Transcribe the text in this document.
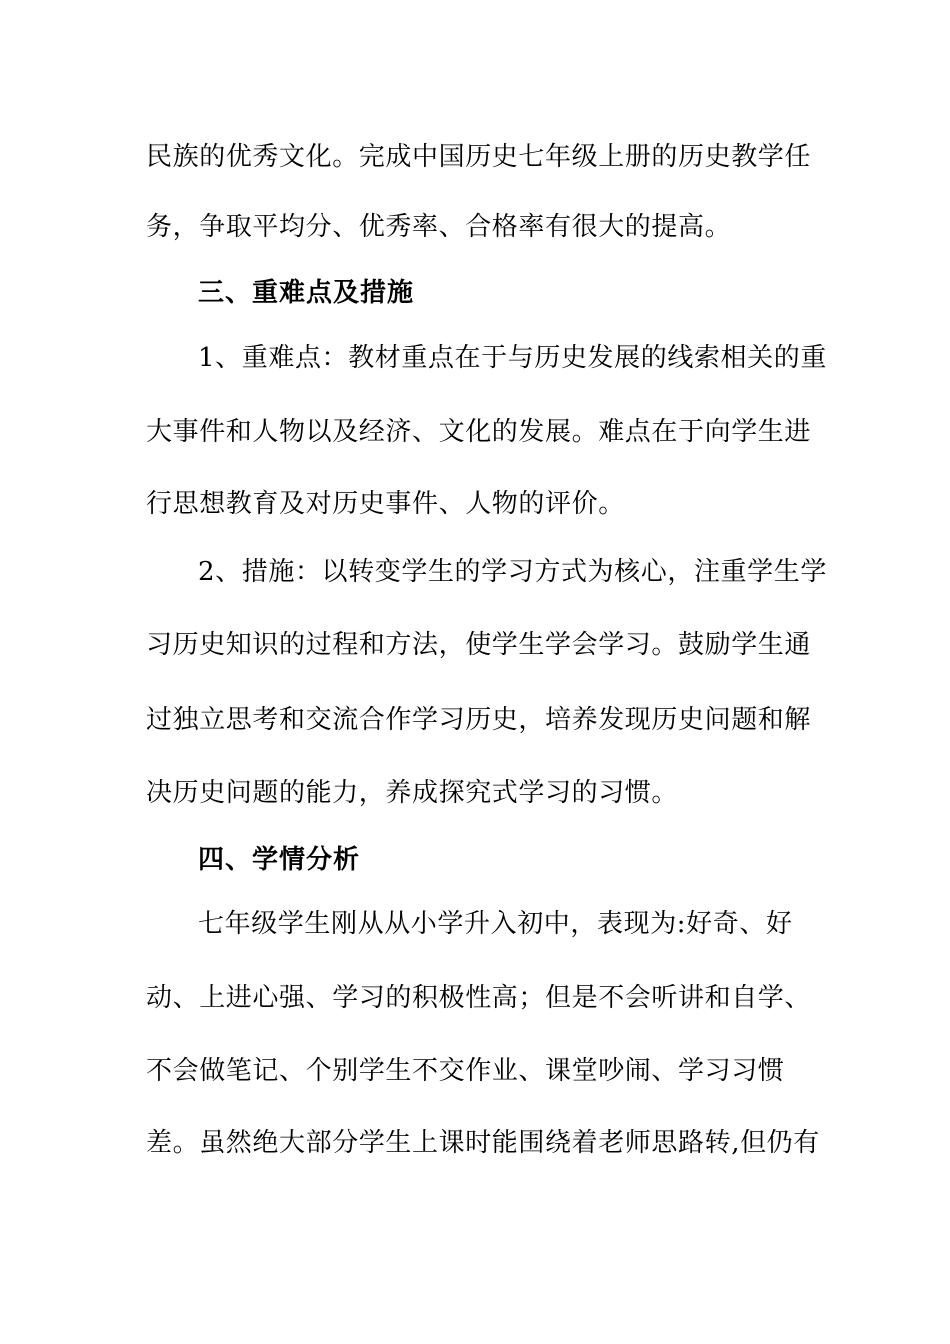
民族的优秀文化。完成中国历史七年级上册的历史教学任
务，争取平均分、优秀率、合格率有很大的提高。
三、重难点及措施
1、重难点：教材重点在于与历史发展的线索相关的重
大事件和人物以及经济、文化的发展。难点在于向学生进
行思想教育及对历史事件、人物的评价。
2、措施：以转变学生的学习方式为核心，注重学生学
习历史知识的过程和方法，使学生学会学习。鼓励学生通
过独立思考和交流合作学习历史，培养发现历史问题和解
决历史问题的能力，养成探究式学习的习惯。
四、学情分析
七年级学生刚从从小学升入初中，表现为:好奇、好
动、上进心强、学习的积极性高；但是不会听讲和自学、
不会做笔记、个别学生不交作业、课堂吵闹、学习习惯
差。虽然绝大部分学生上课时能围绕着老师思路转,但仍有
